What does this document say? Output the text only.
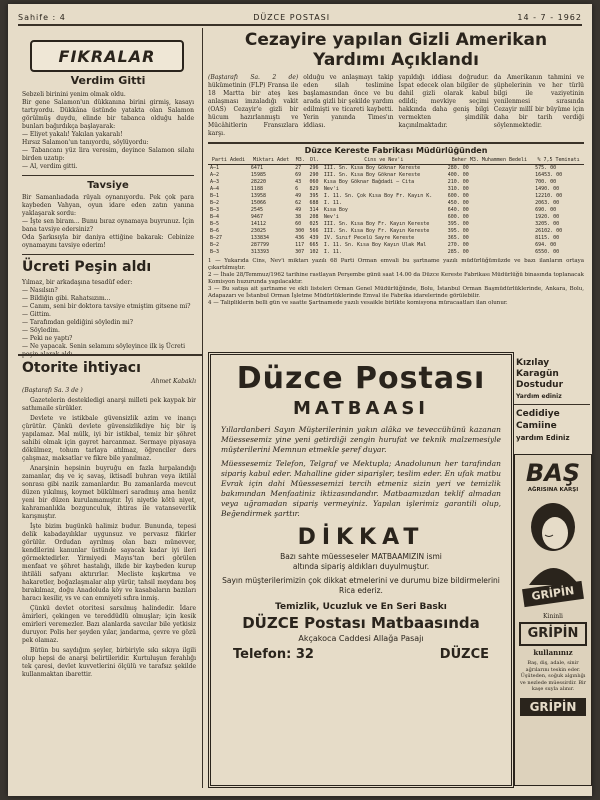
Sahife : 4	DÜZCE POSTASI	14 - 7 - 1962
FIKRALAR
Verdim Gitti
Sebzeli birinini yenim olmak oldu.
Bir gene Salamon'un dükkanına birini girmiş, kasayı tartıyordu. Dükkâna üstünde yatakta olan Salamon görülmüş duydu, elinde bir tabanca olduğu halde bunları bağırdıkça başlayarak:
— Eliyet yakalı! Yakılan yakaralı!
Hırsız Salamon'un tanıyordu, söylüyordu:
— Tabancanı yüz lira veresim, deyince Salamon silahı birden uzatıp:
— Al, verdim gitti.
Tavsiye
Bir Samanlıadada rüyalı oynanıyordu. Pek çok para kaybeden Vahyan, oyun idare eden zatın yanına yaklaşarak sordu:
— İşte sen biram... Bunu bıraz oynamaya buyrunuz. İçin bana tavsiye edersiniz?
Oda Şarkısıyla bir daniya ettiğine bakarak: Cebinize oynamayını tavsiye ederim!
Ücreti Peşin aldı
Yılmaz, bir arkadaşına tesadüf eder:
— Nasılsın?
— Bildiğin gibi. Rahatsızım...
— Canım, seni bir doktora tavsiye etmiştim gitsene mi?
— Gittim.
— Tarafımdan geldiğini söyledin mi?
— Söyledim.
— Peki ne yaptı?
— Ne yapacak. Senin selamını söyleyince ilk iş Ücreti
Otorite ihtiyacı
Ahmet Kabaklı
(Baştarafı Sa. 3 de )
Gazetelerin destekledigi anarşi milleti pek kaypak bir sathımaile sürükler.
Devlete ve istikbale güvensizlik azim ve inançı çürütür. Çünkü devlete güvensizlikdiye hiç bir iş yapılamaz. Mal mülk, iyi bir istikbal, temiz bir şöhret sahibi olmak için gayret harcanmaz. Sermaye piyasaya dökülmez, tohum tarlaya atılmaz, öğrenciler ders çalışmaz, maksatlar ve fikre bile yanılmaz.
Anarşinin hepsinin buyruğu en fazla hırpalandığı zamanlar, dış ve iç savaş, iktisadî buhran veya iktilâl sonrası gibi nazik zamanlardır. Bu zamanlarda mevcut düzen yıkılmış, koymet bükülmeri saradmış ama henüz yeni bir düzen kurulamamıştır. İyi niyetle kötü niyet, kahramanlıkla bozgunculuk, ihtiras ile vatanseverlik karışmıştır.
İşte bizim bugünkü halimiz budur. Bununda, tepesi delik kabadayılıklar uygunsuz ve pervasız fikirler görülür. Ordudan ayrılmış olan bazı münevver, kendilerini kanunlar üstünde sayacak kadar iyi ileri görmektedirler. Yirmiyedi Mayıs'tan beri görülen menfaat ve şöhret hastalığı, ilkde bir kaybeden kurup ihtilâli safyanı aktırırlar. Mecliste kışkırtma ve hakaretler, boğazlaşmalar alıp yürür, tahsil meydanı boş bırakılmaz, doğu Anadoluda köy ve kasabaların bazıları haracı kesilir, vs ve can emniyeti sıfıra inmiş.
Çünkü devlet otoritesi sarsılmış halindedir. İdare âmirleri, çekingen ve tereddüdlü olmuşlar; için kesik emirleri veremezler. Bazı alanlarda savcılar bile yetkisiz duruyor. Polis her şeyden yılar, jandarma, çevre ve gözü pek olamaz.
Bütün bu saydığım şeyler, birbiriyle sıkı sıkıya ilgili olup hepsi de anarşi belirtileridir. Kurtuluşun ferahlığı tek çaresi, devlet kuvvetlerini ölçülü ve tarafsız şekilde kullanmaktan ibarettir.
Cezayire yapılan Gizli Amerikan
Yardımı Açıklandı
(Baştarafı Sa. 2 de) hükümetinin (FLP) Fransa ile 18 Martta bir ateş kes anlaşması imzaladığı vakit (OAS) Cezayir'e gizli bir hücum hazırlanmıştı ve Mücâhitlerin Fransızlara karşı.
olduğu ve anlaşmayı takip eden silah teslimine başlamasından önce ve bu arada gizli bir şekilde yardım edilmişti ve ticareti kaybetti. Yerin yanında Times'ın iddiası.
yapıldığı iddiası doğrudur. İspat edecek olan bilgiler de dahil gizli olarak kabul edildi; mevkiye seçimi hakkında daha geniş bilgi vermekten şimdilik kaçınılmaktadır.
da Amerikanın tahmini ve şüphelerinin ve her türlü bilgi ile vaziyetinin yenilenmesi sırasında Cezayir millî bir büyüme için daha bir tarih verdiği söylenmektedir.
Düzce Kereste Fabrikası Müdürlüğünden
Parti Adedi	Miktarı Adet	M3.	Dl.	Cins ve Nev'i	Beher M3. Muhammen Bedeli	% 7,5 Teminatı
A—1	6471	27	296	III. Sn. Kısa Boy Göknar Kereste	280. 00	575. 00
A—2	15985	69	290	III. Sn. Kısa Boy Göknar Kereste	400. 00	16453. 00
A—3	28220	43	060	Kısa Boy Göknar Bağdadi — Cita	210. 00	700. 00
A—4	1188	6	829	Nev'i	310. 00	1490. 00
B—1	13958	49	395	I. 11. Sn. Çok Kısa Boy Fr. Kayın K.	600. 00	12210. 00
B—2	15066	62	688	I. 11.	450. 00	2063. 00
B—3	2545	49	314	Kısa Boy	640. 00	690. 00
B—4	9467	38	208	Nev'i	600. 00	1920. 00
B—5	14112	60	025	III. Sn. Kısa Boy Fr. Kayın Kereste	395. 00	3205. 00
B—6	23025	300	566	III. Sn. Kısa Boy Fr. Kayın Kereste	395. 00	26102. 00
B—27	133834	436	439	IV. Sınıf Pecelü Sayre Kereste	365. 00	8115. 00
B—2	287799	117	665	I. 11. Sn. Kısa Boy Kayın Ulak Mal	270. 00	694. 00
B—3	313393	307	102	I. 11.	285. 00	6550. 00
1 — Yukarıda Cins, Nev'i miktarı yazılı 68 Parti Orman emvali bu şartname yazılı müdürlüğümüzde ve bazı ilanların ortaya çıkartılmıştır.
2 — İhale 28/Temmuz/1962 tarihine rastlayan Perşembe günü saat 14.00 da Düzce Kereste Fabrikası Müdürlüğü binasında toplanacak Komisyon huzurunda yapılacaktır.
3 — Bu satışa ait şartname ve ekli listeleri Orman Genel Müdürlüğünde, Bolu, İstanbul Orman Başmüdürlüklerinde, Ankara, Bolu, Adapazarı ve İstanbul Orman İşletme Müdürlüklerinde Emval ile Fabrika idarelerinde görülebilir.
4 — Talipliklerin belli gün ve saatte Şartnamede yazılı vesaikle birlikte komisyona müracaatları ilan olunur.
Düzce Postası
MATBAASI
Yıllardanberi Sayın Müşterilerinin yakın alâka ve teveccühünü kazanan Müessesemiz yine yeni getirdiği zengin hurufat ve teknik malzemesiyle müşterilerini Memnun etmekle şeref duyar.
Müessesemiz Telefon, Telgraf ve Mektupla; Anadolunun her tarafından sipariş kabul eder. Mahalline gider siparişler, teslim eder. En ufak matbu Evrak için dahi Müessesemizi tercih etmeniz sizin yeri ve temizlik bakımından Menfaatiniz iktizasındandır. Matbaamızdan teklif almadan veya uğramadan sipariş vermeyiniz. Yapılan işlerimiz garantili olup, Beğendirmek şarttır.
DİKKAT
Bazı sahte müesseseler MATBAAMIZIN ismi
altında sipariş aldıkları duyulmuştur.
Sayın müşterilerimizin çok dikkat etmelerini ve durumu bize bildirmelerini Rica ederiz.
Temizlik, Ucuzluk ve En Seri Baskı
DÜZCE Postası Matbaasında
Akçakoca Caddesi Allağa Pasajı
Telefon: 32	DÜZCE
Kızılay
Karagün
Dostudur
Yardım ediniz
Cedidiye
Camiine
yardım Ediniz
BAŞ
AĞRISINA KARŞI
GRİPİN
Kininli
GRİPİN
kullanınız
Baş, diş, adale, sinir ağrılarını teskin eder. Üşüteden, soğuk algınlığı ve nezlede müessirdir. Bir kaşe suyla alınır.
GRİPİN
